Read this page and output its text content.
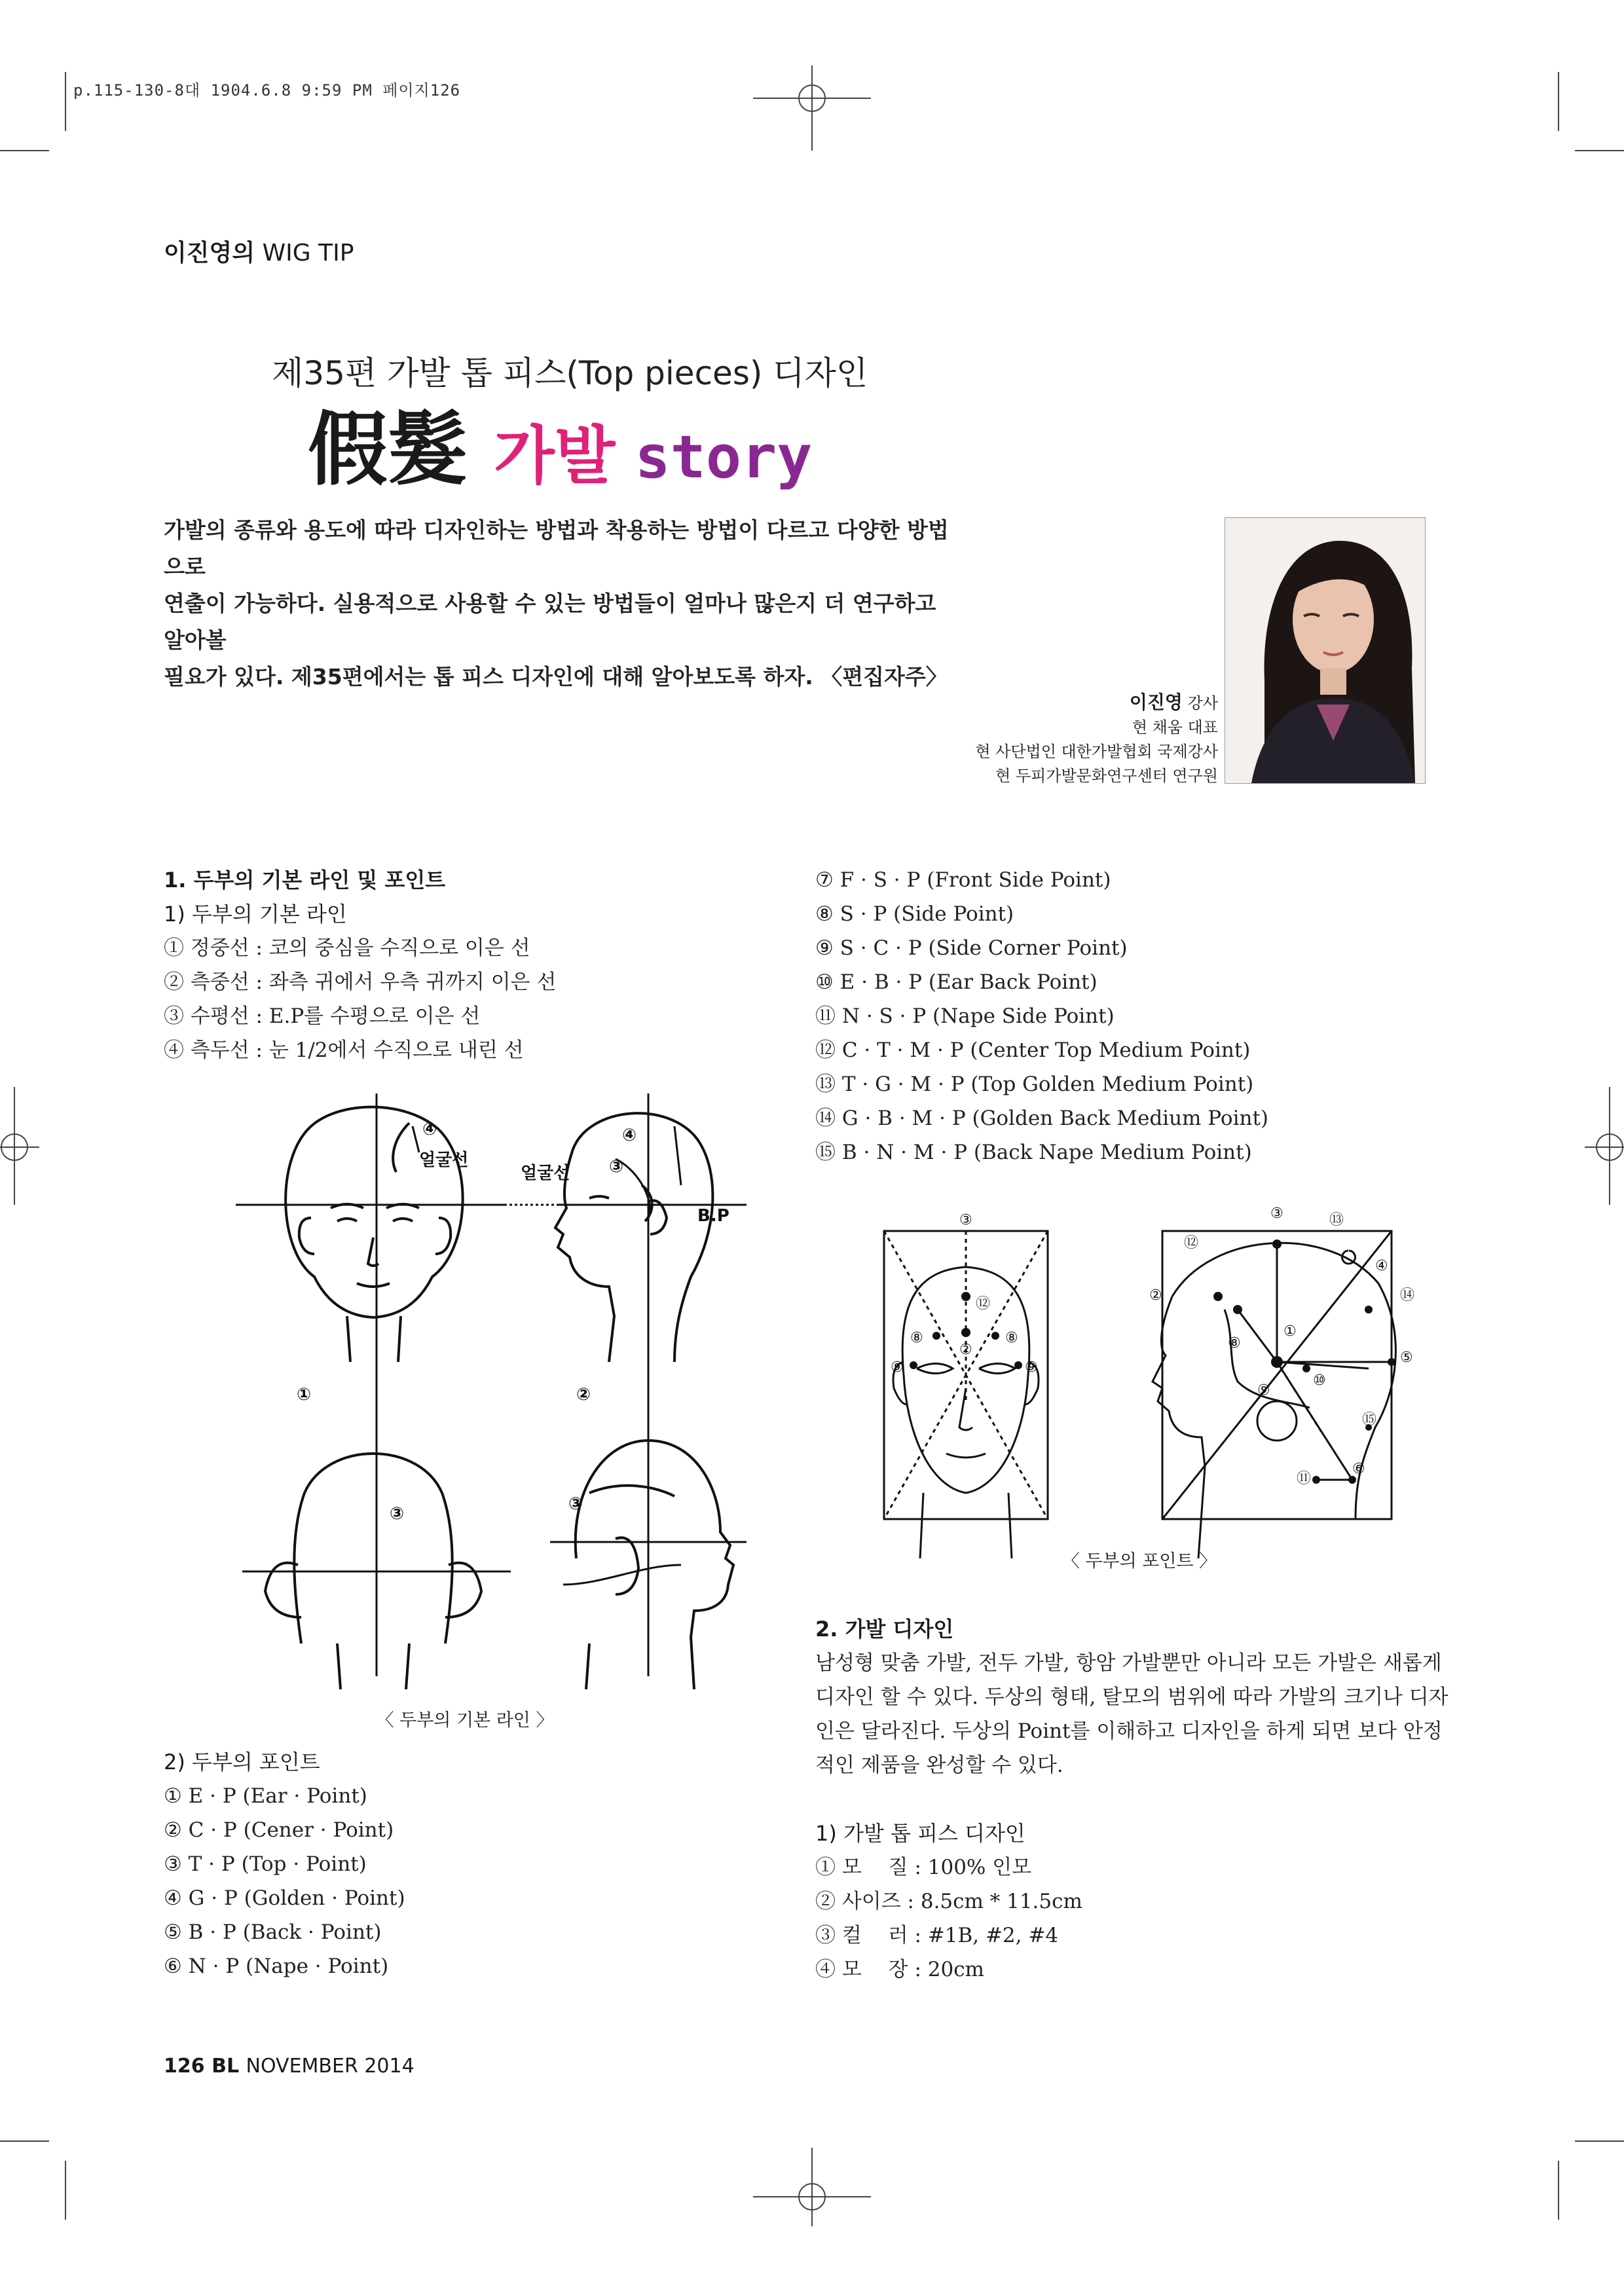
p.115-130-8대 1904.6.8 9:59 PM 페이지126
이진영의 WIG TIP
제35편 가발 톱 피스(Top pieces) 디자인
假髮 가발 story

가발의 종류와 용도에 따라 디자인하는 방법과 착용하는 방법이 다르고 다양한 방법으로

연출이 가능하다. 실용적으로 사용할 수 있는 방법들이 얼마나 많은지 더 연구하고 알아볼

필요가 있다. 제35편에서는 톱 피스 디자인에 대해 알아보도록 하자. 〈편집자주〉

이진영 강사
현 채움 대표
현 사단법인 대한가발협회 국제강사
현 두피가발문화연구센터 연구원
1. 두부의 기본 라인 및 포인트
1) 두부의 기본 라인
① 정중선 : 코의 중심을 수직으로 이은 선
② 측중선 : 좌측 귀에서 우측 귀까지 이은 선
③ 수평선 : E.P를 수평으로 이은 선
④ 측두선 : 눈 1/2에서 수직으로 내린 선
④	④
얼굴선
얼굴선 ③
B.P
①	②
③	③
〈 두부의 기본 라인 〉
2) 두부의 포인트
① E · P (Ear · Point)
② C · P (Cener · Point)
③ T · P (Top · Point)
④ G · P (Golden · Point)
⑤ B · P (Back · Point)
⑥ N · P (Nape · Point)
⑦ F · S · P (Front Side Point)
⑧ S · P (Side Point)
⑨ S · C · P (Side Corner Point)
⑩ E · B · P (Ear Back Point)
⑪ N · S · P (Nape Side Point)
⑫ C · T · M · P (Center Top Medium Point)
⑬ T · G · M · P (Top Golden Medium Point)
⑭ G · B · M · P (Golden Back Medium Point)
⑮ B · N · M · P (Back Nape Medium Point)
③
⑫
②
⑧	⑧
⑨	⑨
③	⑬
⑫
④
②	⑭
⑧
①
⑤
⑩
⑨
⑮
⑥
⑪
〈 두부의 포인트 〉
2. 가발 디자인
남성형 맞춤 가발, 전두 가발, 항암 가발뿐만 아니라 모든 가발은 새롭게
디자인 할 수 있다. 두상의 형태, 탈모의 범위에 따라 가발의 크기나 디자
인은 달라진다. 두상의 Point를 이해하고 디자인을 하게 되면 보다 안정
적인 제품을 완성할 수 있다.
1) 가발 톱 피스 디자인
① 모　 질 : 100% 인모
② 사이즈 : 8.5cm * 11.5cm
③ 컬　 러 : #1B, #2, #4
④ 모　 장 : 20cm
126 BL NOVEMBER 2014
